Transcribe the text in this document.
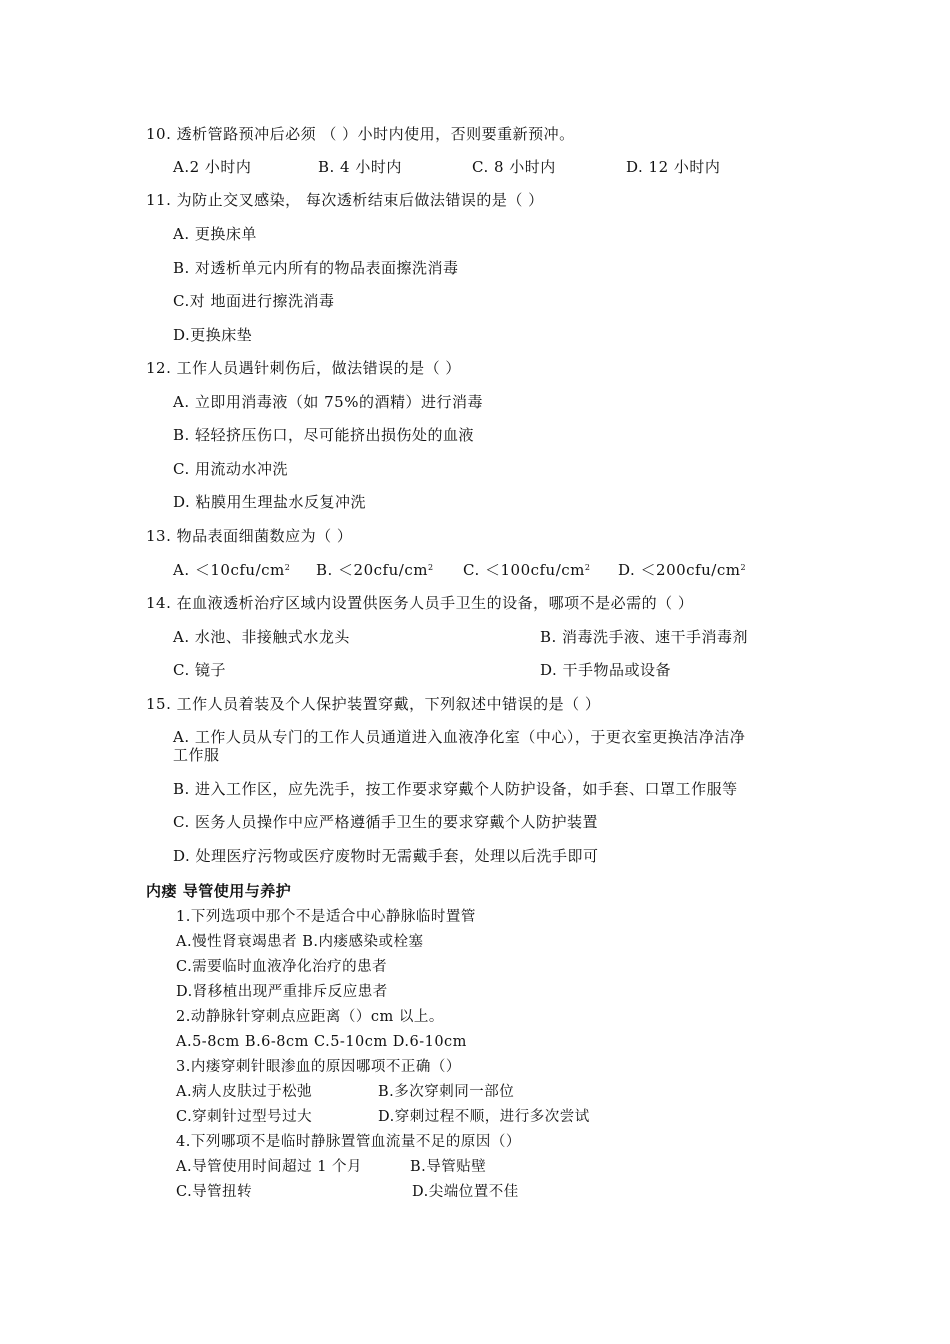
10. 透析管路预冲后必须 （ ）小时内使用，否则要重新预冲。
A.2 小时内	B. 4 小时内	C. 8 小时内	D. 12 小时内
11. 为防止交叉感染， 每次透析结束后做法错误的是（ ）
A. 更换床单
B. 对透析单元内所有的物品表面擦洗消毒
C.对 地面进行擦洗消毒
D.更换床垫
12. 工作人员遇针刺伤后，做法错误的是（ ）
A. 立即用消毒液（如 75%的酒精）进行消毒
B. 轻轻挤压伤口，尽可能挤出损伤处的血液
C. 用流动水冲洗
D. 粘膜用生理盐水反复冲洗
13. 物品表面细菌数应为（ ）
A. $<10cfu/cm^2$ B. $<20cfu/cm^2$ C. $<100cfu/cm^2$ D. $<200cfu/cm^2$
14. 在血液透析治疗区域内设置供医务人员手卫生的设备，哪项不是必需的（ ）
A. 水池、非接触式水龙头	B. 消毒洗手液、速干手消毒剂
C. 镜子	D. 干手物品或设备
15. 工作人员着装及个人保护装置穿戴，下列叙述中错误的是（ ）
A. 工作人员从专门的工作人员通道进入血液净化室（中心），于更衣室更换洁净洁净
工作服
B. 进入工作区，应先洗手，按工作要求穿戴个人防护设备，如手套、口罩工作服等
C. 医务人员操作中应严格遵循手卫生的要求穿戴个人防护装置
D. 处理医疗污物或医疗废物时无需戴手套，处理以后洗手即可
内瘘 导管使用与养护
1.下列选项中那个不是适合中心静脉临时置管
A.慢性肾衰竭患者 B.内瘘感染或栓塞
C.需要临时血液净化治疗的患者
D.肾移植出现严重排斥反应患者
2.动静脉针穿刺点应距离（）cm 以上。
A.5-8cm B.6-8cm C.5-10cm D.6-10cm
3.内瘘穿刺针眼渗血的原因哪项不正确（）
A.病人皮肤过于松弛	B.多次穿刺同一部位
C.穿刺针过型号过大	D.穿刺过程不顺，进行多次尝试
4.下列哪项不是临时静脉置管血流量不足的原因（）
A.导管使用时间超过 1 个月	B.导管贴壁
C.导管扭转	D.尖端位置不佳
